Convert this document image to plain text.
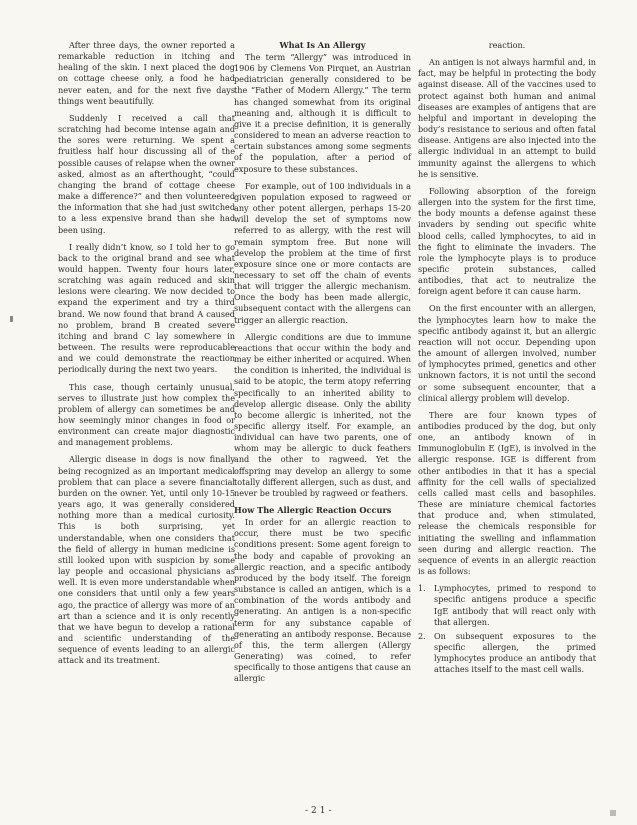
After three days, the owner reported a remarkable reduction in itching and healing of the skin. I next placed the dog on cottage cheese only, a food he had never eaten, and for the next five days things went beautifully.

Suddenly I received a call that scratching had become intense again and the sores were returning. We spent a fruitless half hour discussing all of the possible causes of relapse when the owner asked, almost as an afterthought, “could changing the brand of cottage cheese make a difference?” and then volunteered the information that she had just switched to a less expensive brand than she had been using.

I really didn’t know, so I told her to go back to the original brand and see what would happen. Twenty four hours later, scratching was again reduced and skin lesions were clearing. We now decided to expand the experiment and try a third brand. We now found that brand A caused no problem, brand B created severe itching and brand C lay somewhere in between. The results were reproducable and we could demonstrate the reaction periodically during the next two years.

This case, though certainly unusual, serves to illustrate just how complex the problem of allergy can sometimes be and how seemingly minor changes in food or environment can create major diagnostic and management problems.

Allergic disease in dogs is now finally being recognized as an important medical problem that can place a severe financial burden on the owner. Yet, until only 10-15 years ago, it was generally considered nothing more than a medical curiosity. This is both surprising, yet understandable, when one considers that the field of allergy in human medicine is still looked upon with suspicion by some lay people and occasional physicians as well. It is even more understandable when one considers that until only a few years ago, the practice of allergy was more of an art than a science and it is only recently that we have begun to develop a rational and scientific understanding of the sequence of events leading to an allergic attack and its treatment.

What Is An Allergy

The term “Allergy” was introduced in 1906 by Clemens Von Pirquet, an Austrian pediatrician generally considered to be the “Father of Modern Allergy.” The term has changed somewhat from its original meaning and, although it is difficult to give it a precise definition, it is generally considered to mean an adverse reaction to certain substances among some segments of the population, after a period of exposure to these substances.

For example, out of 100 individuals in a given population exposed to ragweed or any other potent allergen, perhaps 15-20 will develop the set of symptoms now referred to as allergy, with the rest will remain symptom free. But none will develop the problem at the time of first exposure since one or more contacts are necessary to set off the chain of events that will trigger the allergic mechanism. Once the body has been made allergic, subsequent contact with the allergens can trigger an allergic reaction.

Allergic conditions are due to immune reactions that occur within the body and may be either inherited or acquired. When the condition is inherited, the individual is said to be atopic, the term atopy referring specifically to an inherited ability to develop allergic disease. Only the ability to become allergic is inherited, not the specific allergy itself. For example, an individual can have two parents, one of whom may be allergic to duck feathers and the other to ragweed. Yet the offspring may develop an allergy to some totally different allergen, such as dust, and never be troubled by ragweed or feathers.

How The Allergic Reaction Occurs

In order for an allergic reaction to occur, there must be two specific conditions present: Some agent foreign to the body and capable of provoking an allergic reaction, and a specific antibody produced by the body itself. The foreign substance is called an antigen, which is a combination of the words antibody and generating. An antigen is a non-specific term for any substance capable of generating an antibody response. Because of this, the term allergen (Allergy Generating) was coined, to refer specifically to those antigens that cause an allergic

reaction.

An antigen is not always harmful and, in fact, may be helpful in protecting the body against disease. All of the vaccines used to protect against both human and animal diseases are examples of antigens that are helpful and important in developing the body’s resistance to serious and often fatal disease. Antigens are also injected into the allergic individual in an attempt to build immunity against the allergens to which he is sensitive.

Following absorption of the foreign allergen into the system for the first time, the body mounts a defense against these invaders by sending out specific white blood cells, called lymphocytes, to aid in the fight to eliminate the invaders. The role the lymphocyte plays is to produce specific protein substances, called antibodies, that act to neutralize the foreign agent before it can cause harm.

On the first encounter with an allergen, the lymphocytes learn how to make the specific antibody against it, but an allergic reaction will not occur. Depending upon the amount of allergen involved, number of lymphocytes primed, genetics and other unknown factors, it is not until the second or some subsequent encounter, that a clinical allergy problem will develop.

There are four known types of antibodies produced by the dog, but only one, an antibody known of in Immunoglobulin E (IgE), is involved in the allergic response. IGE is different from other antibodies in that it has a special affinity for the cell walls of specialized cells called mast cells and basophiles. These are miniature chemical factories that produce and, when stimulated, release the chemicals responsible for initiating the swelling and inflammation seen during and allergic reaction. The sequence of events in an allergic reaction is as follows:

1. Lymphocytes, primed to respond to specific antigens produce a specific IgE antibody that will react only with that allergen.
2. On subsequent exposures to the specific allergen, the primed lymphocytes produce an antibody that attaches itself to the mast cell walls.
-21-
